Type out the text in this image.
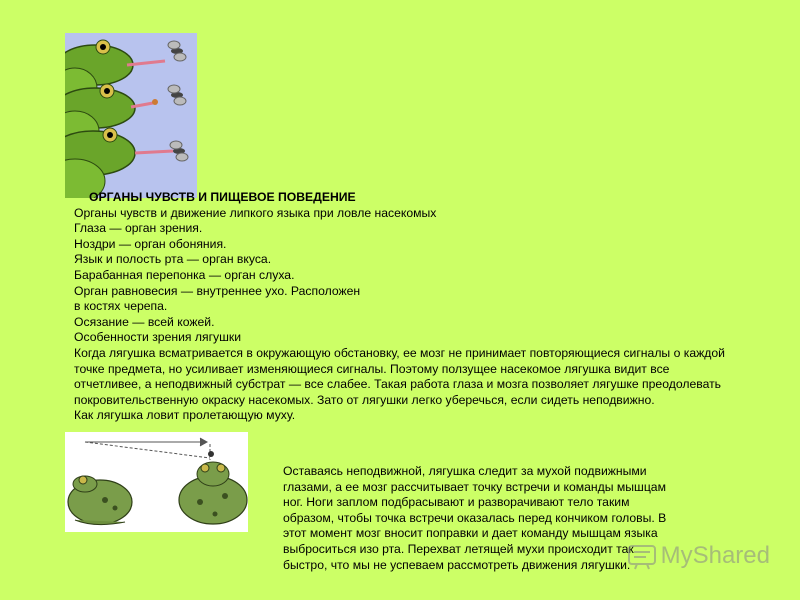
ОРГАНЫ ЧУВСТВ И ПИЩЕВОЕ ПОВЕДЕНИЕ
Органы чувств и движение липкого языка при ловле насекомых
Глаза — орган зрения.
Ноздри — орган обоняния.
Язык и полость рта — орган вкуса.
Барабанная перепонка — орган слуха.
Орган равновесия — внутреннее ухо. Расположен
в костях черепа.
Осязание — всей кожей.
Особенности зрения лягушки
Когда лягушка всматривается в окружающую обстановку, ее мозг не принимает повторяющиеся сигналы о каждой
точке предмета, но усиливает изменяющиеся сигналы. Поэтому ползущее насекомое лягушка видит все
отчетливее, а неподвижный субстрат — все слабее. Такая работа глаза и мозга позволяет лягушке преодолевать
покровительственную окраску насекомых. Зато от лягушки легко уберечься, если сидеть неподвижно.
Как лягушка ловит пролетающую муху.
Оставаясь неподвижной, лягушка следит за мухой подвижными
глазами, а ее мозг рассчитывает точку встречи и команды мышцам
ног. Ноги заплом подбрасывают и разворачивают тело таким
образом, чтобы точка встречи оказалась перед кончиком головы. В
этот момент мозг вносит поправки и дает команду мышцам языка
выброситься изо рта. Перехват летящей мухи происходит так
быстро, что мы не успеваем рассмотреть движения лягушки. MyShared
